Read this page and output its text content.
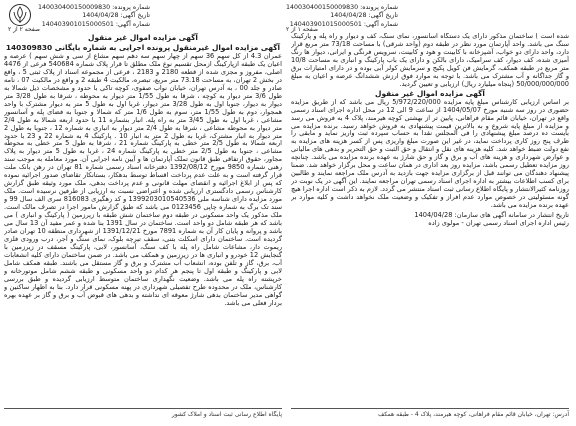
شماره پرونده: 140030400150009830
تاریخ آگهی: 1404/04/28
شماره آگهی: 140403901015000501
صفحه ۲ از ۲
شماره پرونده: 140030400150009830
تاریخ آگهی: 1404/04/28
شماره آگهی: 140403901015000501
صفحه ۱ از ۲

شده است ) ساختمان مذکور دارای یک دستگاه آسانسور، نمای سنگ، کف و دیوار و راه پله و پارکینگ سنگ می باشد. واحد آپارتمان مورد نظر در طبقه دوم (واحد شرقی) با مساحت 73/18 متر مربع قرار دارد، واحد دارای دو خواب، آشپزخانه با کابینت و هود و کابینت، سرویس فرنگی و ایرانی، دیوار ها رنگ آمیزی شده، کف دیوار، کف سرامیک، دارای بالکن و دارای یک باب پارکینگ و انباری به مساحت 10/8 متر مربع در طبقه همکف، گرمایش فن کویل پکیج و سرمایش کولر آبی بوده و در دارای امتیازات برق و گاز جداگانه و آب مشترک می باشد. با توجه به موارد فوق ارزش ششدانگ عرصه و اعیان به مبلغ 50/000/000/000 (پنجاه میلیارد ریال) ارزیابی و تعیین گردید.

آگهی مزایده اموال غیر منقول

بر اساس ارزیابی کارشناس مبلغ پایه مزایده 5/972/220/000 ریال می باشد که از طریق مزایده حضوری در روز سه شنبه مورخ 1404/05/07 از ساعت 9 الی 12 در محل اداره اجرای اسناد رسمی واقع در تهران، خیابان قائم مقام فراهانی، پایین تر از بهشتی کوچه هیرمند، پلاک 4 به فروش می رسد و مزایده از مبلغ پایه شروع و به بالاترین قیمت پیشنهادی به فروش خواهد رسید. برنده مزایده می بایست ده درصد مبلغ پیشنهادی را فی المجلس نقدا به حساب سپرده ثبت واریز نماید و مابقی را ظرف پنج روز کاری پرداخت نماید، در غیر این صورت مبلغ واریزی پس از کسر هزینه های مزایده به نفع دولت ضبط خواهد شد. کلیه هزینه های نقل و انتقال و حق الثبت و حق التحریر و بدهی های مالیاتی و عوارض شهرداری و هزینه های آب و برق و گاز و حق شارژ به عهده برنده مزایده می باشد. چنانچه روز مزایده تعطیل رسمی باشد، مزایده روز بعد اداری در همان ساعت و محل برگزار خواهد شد. ضمنا پیشنهاد دهندگان می توانند قبل از برگزاری مزایده جهت بازدید به آدرس ملک مراجعه نمایند و طالبین برای کسب اطلاعات بیشتر به اداره اجرای اسناد رسمی تهران مراجعه نمایند. این آگهی در یک نوبت در روزنامه کثیرالانتشار و پایگاه اطلاع رسانی ثبت اسناد منتشر می گردد. لازم به ذکر است اداره اجرا هیچ گونه مسئولیتی در خصوص موارد عدم افراز و تفکیک و وضعیت ملک نخواهد داشت و کلیه موارد بر عهده برنده مزایده می باشد.

تاریخ انتشار در سامانه آگهی های سازمان: 1404/04/28

رئیس اداره اجرای اسناد رسمی تهران - مولوی زاده

آگهی مزایده اموال غیر منقول

آگهی مزایده اموال غیرمنقول پرونده اجرایی به شماره بایگانی 140309830

عمران 4.3 از کل سهم 36 سهم از چهار سهم سه دهم سهم مشاع از سی و شش سهم ) عرصه و اعیان یک طبقه ازپارکینگ ازمحل تقسیم نوع ملک مطلق تا قرار پلاک شماره 540684 فرعی از 4476 اصلی، مفروز و مجزی شده از قطعه 2180 و 2183 ، فرعی از مجموعه اسناد از پلاک ثبتی 5 ، واقع در بخش 2 تهران، به مساحت 73.18 متر مربع، تبصره، مالکیت 4 طبقه 2 و واقع در مالکیت 07 ، نامه صادر و جلد 00 ، به آدرس تهران، خیابان نواب صفوی، کوچه تاکی با حدود و مشخصات ذیل شمالا به طول 3/6 متر دیوار به کوچه ، شرقا به طول 1/55 متر دیوار به محوطه ، شرقا به طول 3/28 متر دیوار به دیوار، جنوبا اول به طول 3/28 متر دیوار، غربا اول به طول 5 متر به دیوار مشترک با واحد همجوار، دوم به طول 1/55 متر، سوم به طول 1/6 متر که شمالا و جنوبا به فضای پله و آسانسور مشاعی ، غربا اول به طول 3/45 متر به راه پله. انبار بشماره 11 با حدود اربعه شمالا به طول 2/4 متر دیوار به محوطه مشاعی ، شرقا به طول 2/4 متر دیوار به انباری به شماره 12 ، جنوبا به طول 2 متر دیوار به انبار مشترک، غربا به طول 2 متر به انبار 10 . پارکینگ 4 به شماره 22 و 23 با حدود اربعه شمالا به طول 2/5 متر خطی به پارکینگ شماره 21 ، شرقا به طول 5 متر خطی به محوطه مشاعی ، جنوبا به طول 2/5 متر خطی به پارکینگ شماره 24 ، غربا به طول 5 متر دیوار به پلاک مجاور، حقوق ارتفاقی طبق قانون تملک آپارتمان ها و آیین نامه اجرایی آن. مورد معامله به موجب سند رهنی شماره 9850 مورخ 1392/08/12 دفترخانه اسناد رسمی شماره 81 تهران در رهن بانک ملت قرار گرفته است و به علت عدم پرداخت اقساط توسط بدهکار، بستانکار تقاضای صدور اجرائیه نموده که پس از ابلاغ اجرائیه و انقضای مهلت قانونی و عدم پرداخت بدهی، ملک مورد وثیقه طبق گزارش کارشناس رسمی دادگستری ارزیابی شده و اعتراضی نسبت به ارزیابی از طرفین نرسیده است. ملک مورد مزایده دارای شناسه ملی 1399203010540536 و کد رهگیری 816083 سری الف سال 99 و سند تک برگ به شماره چاپی 0123456 می باشد که طبق گزارش مامور اجرا در تصرف مالک است. ملک مذکور یک واحد مسکونی در طبقه دوم ساختمان شش طبقه با زیرزمین ( پارکینگ و انباری ) می باشد که هر طبقه شامل دو واحد است. ساختمان در سال 1391 بنا شده و عمر مفید آن 13 سال می باشد و پروانه و پایان کار آن به شماره 7891 مورخ 1391/12/21 از شهرداری منطقه 10 تهران صادر گردیده است. ساختمان دارای اسکلت بتنی، سقف تیرچه بلوک، نمای سنگ و آجر، درب ورودی فلزی ریموت دار، مشاعات شامل راه پله با کف سنگ، آسانسور، لابی، پارکینگ مسقف در زیرزمین با گنجایش 12 خودرو و انباری ها در زیرزمین و همکف می باشد. در ضمن ساختمان دارای کلیه انشعابات آب، برق، گاز و تلفن بوده، انشعاب آب مشترک و برق و گاز مستقل می باشند. طبقه همکف شامل لابی و پارکینگ و طبقه اول تا پنجم هر کدام دو واحد مسکونی و طبقه ششم شامل موتورخانه و خرپشته راه پله می باشد. وضعیت نگهداری ساختمان متوسط ارزیابی گردیده و طبق بررسی کارشناس، ملک در محدوده طرح تفصیلی شهرداری در پهنه مسکونی قرار دارد. بنا به اظهار ساکنین و گواهی مدیر ساختمان بدهی شارژ معوقه ای نداشته و بدهی های قبوض آب و برق و گاز بر عهده بهره بردار فعلی می باشد.

پایگاه اطلاع رسانی ثبت اسناد و املاک کشور	آدرس: تهران، خیابان قائم مقام فراهانی، کوچه هیرمند، پلاک 4 - طبقه همکف
